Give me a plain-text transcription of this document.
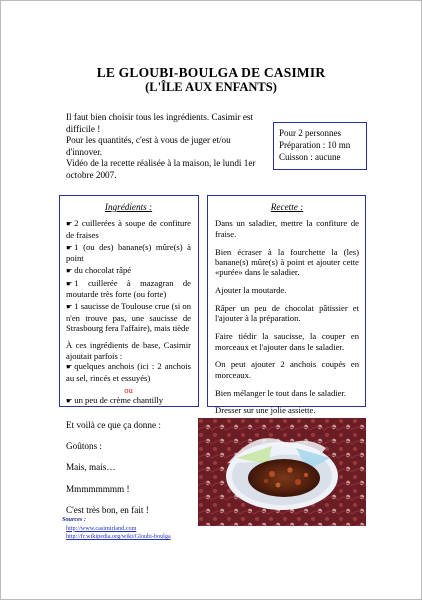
LE GLOUBI-BOULGA DE CASIMIR
(L'ÎLE AUX ENFANTS)

Il faut bien choisir tous les ingrédients. Casimir est difficile !

Pour les quantités, c'est à vous de juger et/ou d'innover.

Vidéo de la recette réalisée à la maison, le lundi 1er octobre 2007.

Pour 2 personnes
Préparation : 10 mn
Cuisson : aucune
Ingrédients :
☛ 2 cuillerées à soupe de confiture de fraises
☛ 1 (ou des) banane(s) mûre(s) à point
☛ du chocolat râpé
☛ 1 cuillerée à mazagran de moutarde très forte (ou forte)
☛ 1 saucisse de Toulouse crue (si on n'en trouve pas, une saucisse de Strasbourg fera l'affaire), mais tiède
À ces ingrédients de base, Casimir ajoutait parfois :
☛ quelques anchois (ici : 2 anchois au sel, rincés et essuyés)
ou
☛ un peu de crème chantilly
Recette :
Dans un saladier, mettre la confiture de fraise.
Bien écraser à la fourchette la (les) banane(s) mûre(s) à point et ajouter cette «purée» dans le saladier.
Ajouter la moutarde.
Râper un peu de chocolat pâtissier et l'ajouter à la préparation.
Faire tiédir la saucisse, la couper en morceaux et l'ajouter dans le saladier.
On peut ajouter 2 anchois coupés en morceaux.
Bien mélanger le tout dans le saladier.
Dresser sur une jolie assiette.

Et voilà ce que ça donne :

Goûtons :

Mais, mais…

Mmmmmmmm !

C'est très bon, en fait !

Sources :
http://www.casimirland.com
http://fr.wikipedia.org/wiki/Gloubi-boulga
